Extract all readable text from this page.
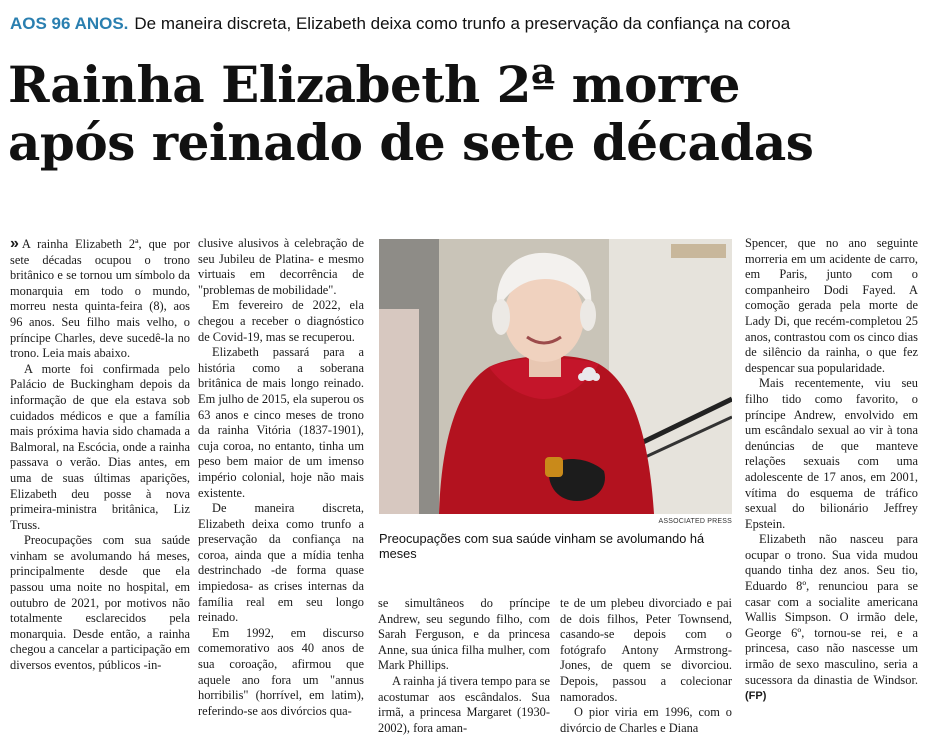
AOS 96 ANOS. De maneira discreta, Elizabeth deixa como trunfo a preservação da confiança na coroa
Rainha Elizabeth 2ª morre
após reinado de sete décadas

» A rainha Elizabeth 2ª, que por sete décadas ocupou o trono britânico e se tornou um símbolo da monarquia em todo o mundo, morreu nesta quinta-feira (8), aos 96 anos. Seu filho mais velho, o príncipe Charles, deve sucedê-la no trono. Leia mais abaixo.

A morte foi confirmada pelo Palácio de Buckingham depois da informação de que ela estava sob cuidados médicos e que a família mais próxima havia sido chamada a Balmoral, na Escócia, onde a rainha passava o verão. Dias antes, em uma de suas últimas aparições, Elizabeth deu posse à nova primeira-ministra britânica, Liz Truss.

Preocupações com sua saúde vinham se avolumando há meses, principalmente desde que ela passou uma noite no hospital, em outubro de 2021, por motivos não totalmente esclarecidos pela monarquia. Desde então, a rainha chegou a cancelar a participação em diversos eventos, públicos -in-

clusive alusivos à celebração de seu Jubileu de Platina- e mesmo virtuais em decorrência de "problemas de mobilidade".

Em fevereiro de 2022, ela chegou a receber o diagnóstico de Covid-19, mas se recuperou.

Elizabeth passará para a história como a soberana britânica de mais longo reinado. Em julho de 2015, ela superou os 63 anos e cinco meses de trono da rainha Vitória (1837-1901), cuja coroa, no entanto, tinha um peso bem maior de um imenso império colonial, hoje não mais existente.

De maneira discreta, Elizabeth deixa como trunfo a preservação da confiança na coroa, ainda que a mídia tenha destrinchado -de forma quase impiedosa- as crises internas da família real em seu longo reinado.

Em 1992, em discurso comemorativo aos 40 anos de sua coroação, afirmou que aquele ano fora um "annus horribilis" (horrível, em latim), referindo-se aos divórcios qua-

ASSOCIATED PRESS
Preocupações com sua saúde vinham se avolumando há meses

se simultâneos do príncipe Andrew, seu segundo filho, com Sarah Ferguson, e da princesa Anne, sua única filha mulher, com Mark Phillips.

A rainha já tivera tempo para se acostumar aos escândalos. Sua irmã, a princesa Margaret (1930-2002), fora aman-

te de um plebeu divorciado e pai de dois filhos, Peter Townsend, casando-se depois com o fotógrafo Antony Armstrong-Jones, de quem se divorciou. Depois, passou a colecionar namorados.

O pior viria em 1996, com o divórcio de Charles e Diana

Spencer, que no ano seguinte morreria em um acidente de carro, em Paris, junto com o companheiro Dodi Fayed. A comoção gerada pela morte de Lady Di, que recém-completou 25 anos, contrastou com os cinco dias de silêncio da rainha, o que fez despencar sua popularidade.

Mais recentemente, viu seu filho tido como favorito, o príncipe Andrew, envolvido em um escândalo sexual ao vir à tona denúncias de que manteve relações sexuais com uma adolescente de 17 anos, em 2001, vítima do esquema de tráfico sexual do bilionário Jeffrey Epstein.

Elizabeth não nasceu para ocupar o trono. Sua vida mudou quando tinha dez anos. Seu tio, Eduardo 8º, renunciou para se casar com a socialite americana Wallis Simpson. O irmão dele, George 6º, tornou-se rei, e a princesa, caso não nascesse um irmão de sexo masculino, seria a sucessora da dinastia de Windsor. (FP)
